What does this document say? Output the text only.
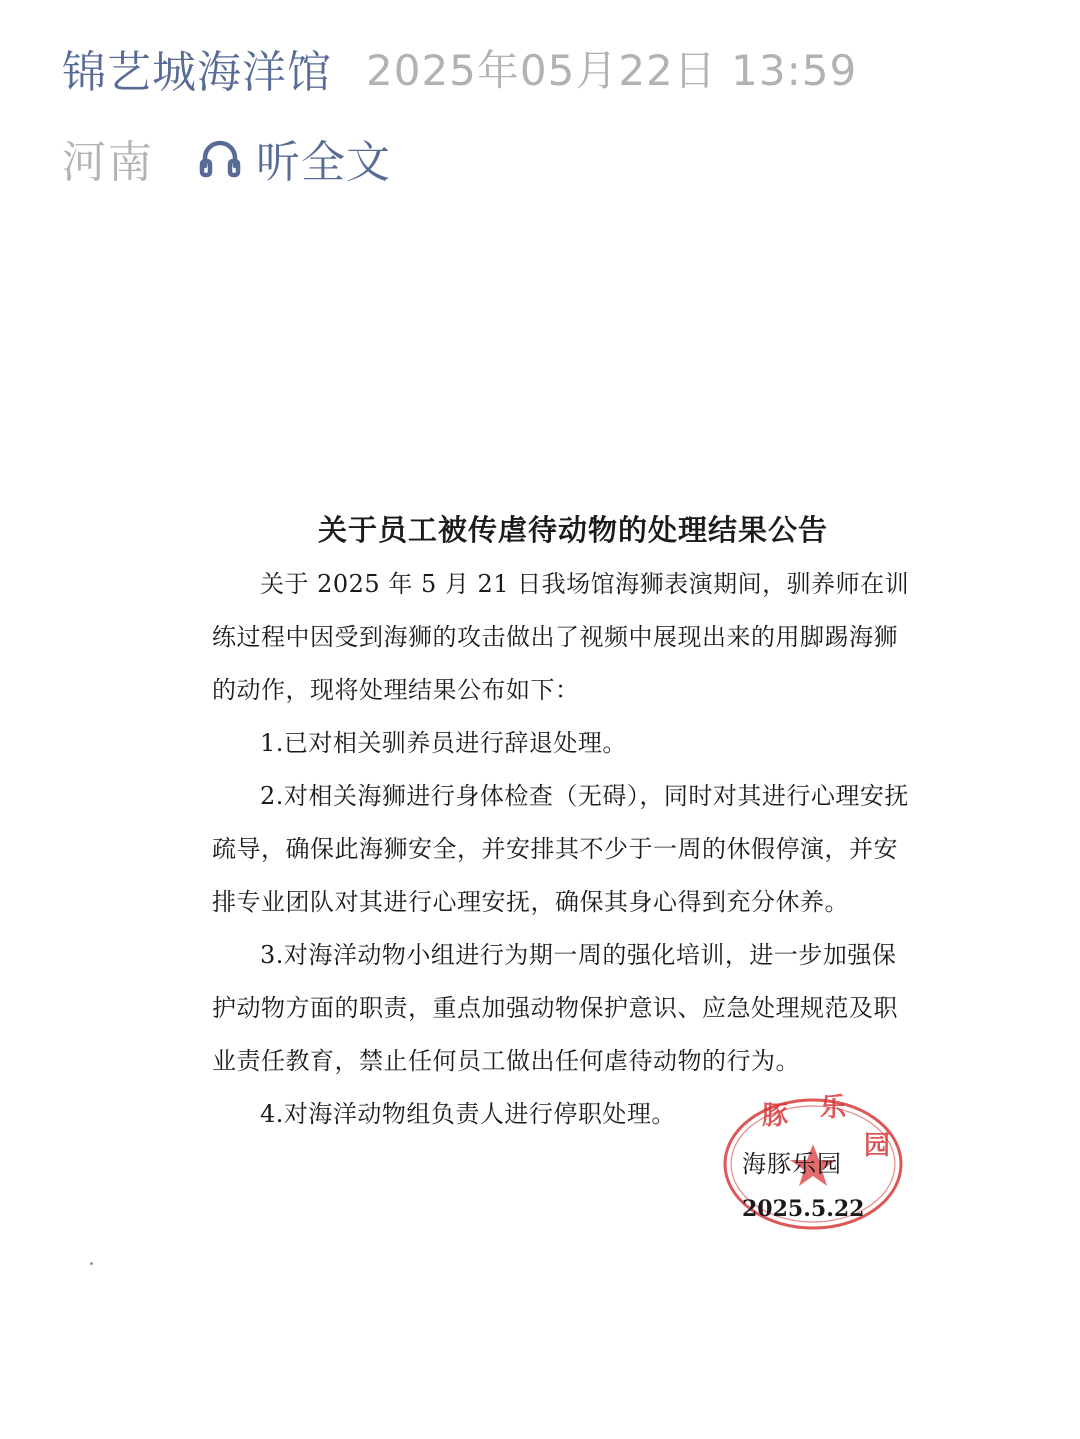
锦艺城海洋馆 2025年05月22日 13:59
河南 听全文
关于员工被传虐待动物的处理结果公告

关于 2025 年 5 月 21 日我场馆海狮表演期间，驯养师在训练过程中因受到海狮的攻击做出了视频中展现出来的用脚踢海狮的动作，现将处理结果公布如下：

1.已对相关驯养员进行辞退处理。

2.对相关海狮进行身体检查（无碍），同时对其进行心理安抚疏导，确保此海狮安全，并安排其不少于一周的休假停演，并安排专业团队对其进行心理安抚，确保其身心得到充分休养。

3.对海洋动物小组进行为期一周的强化培训，进一步加强保护动物方面的职责，重点加强动物保护意识、应急处理规范及职业责任教育，禁止任何员工做出任何虐待动物的行为。

4.对海洋动物组负责人进行停职处理。	豚 乐
园
海豚乐园
2025.5.22
